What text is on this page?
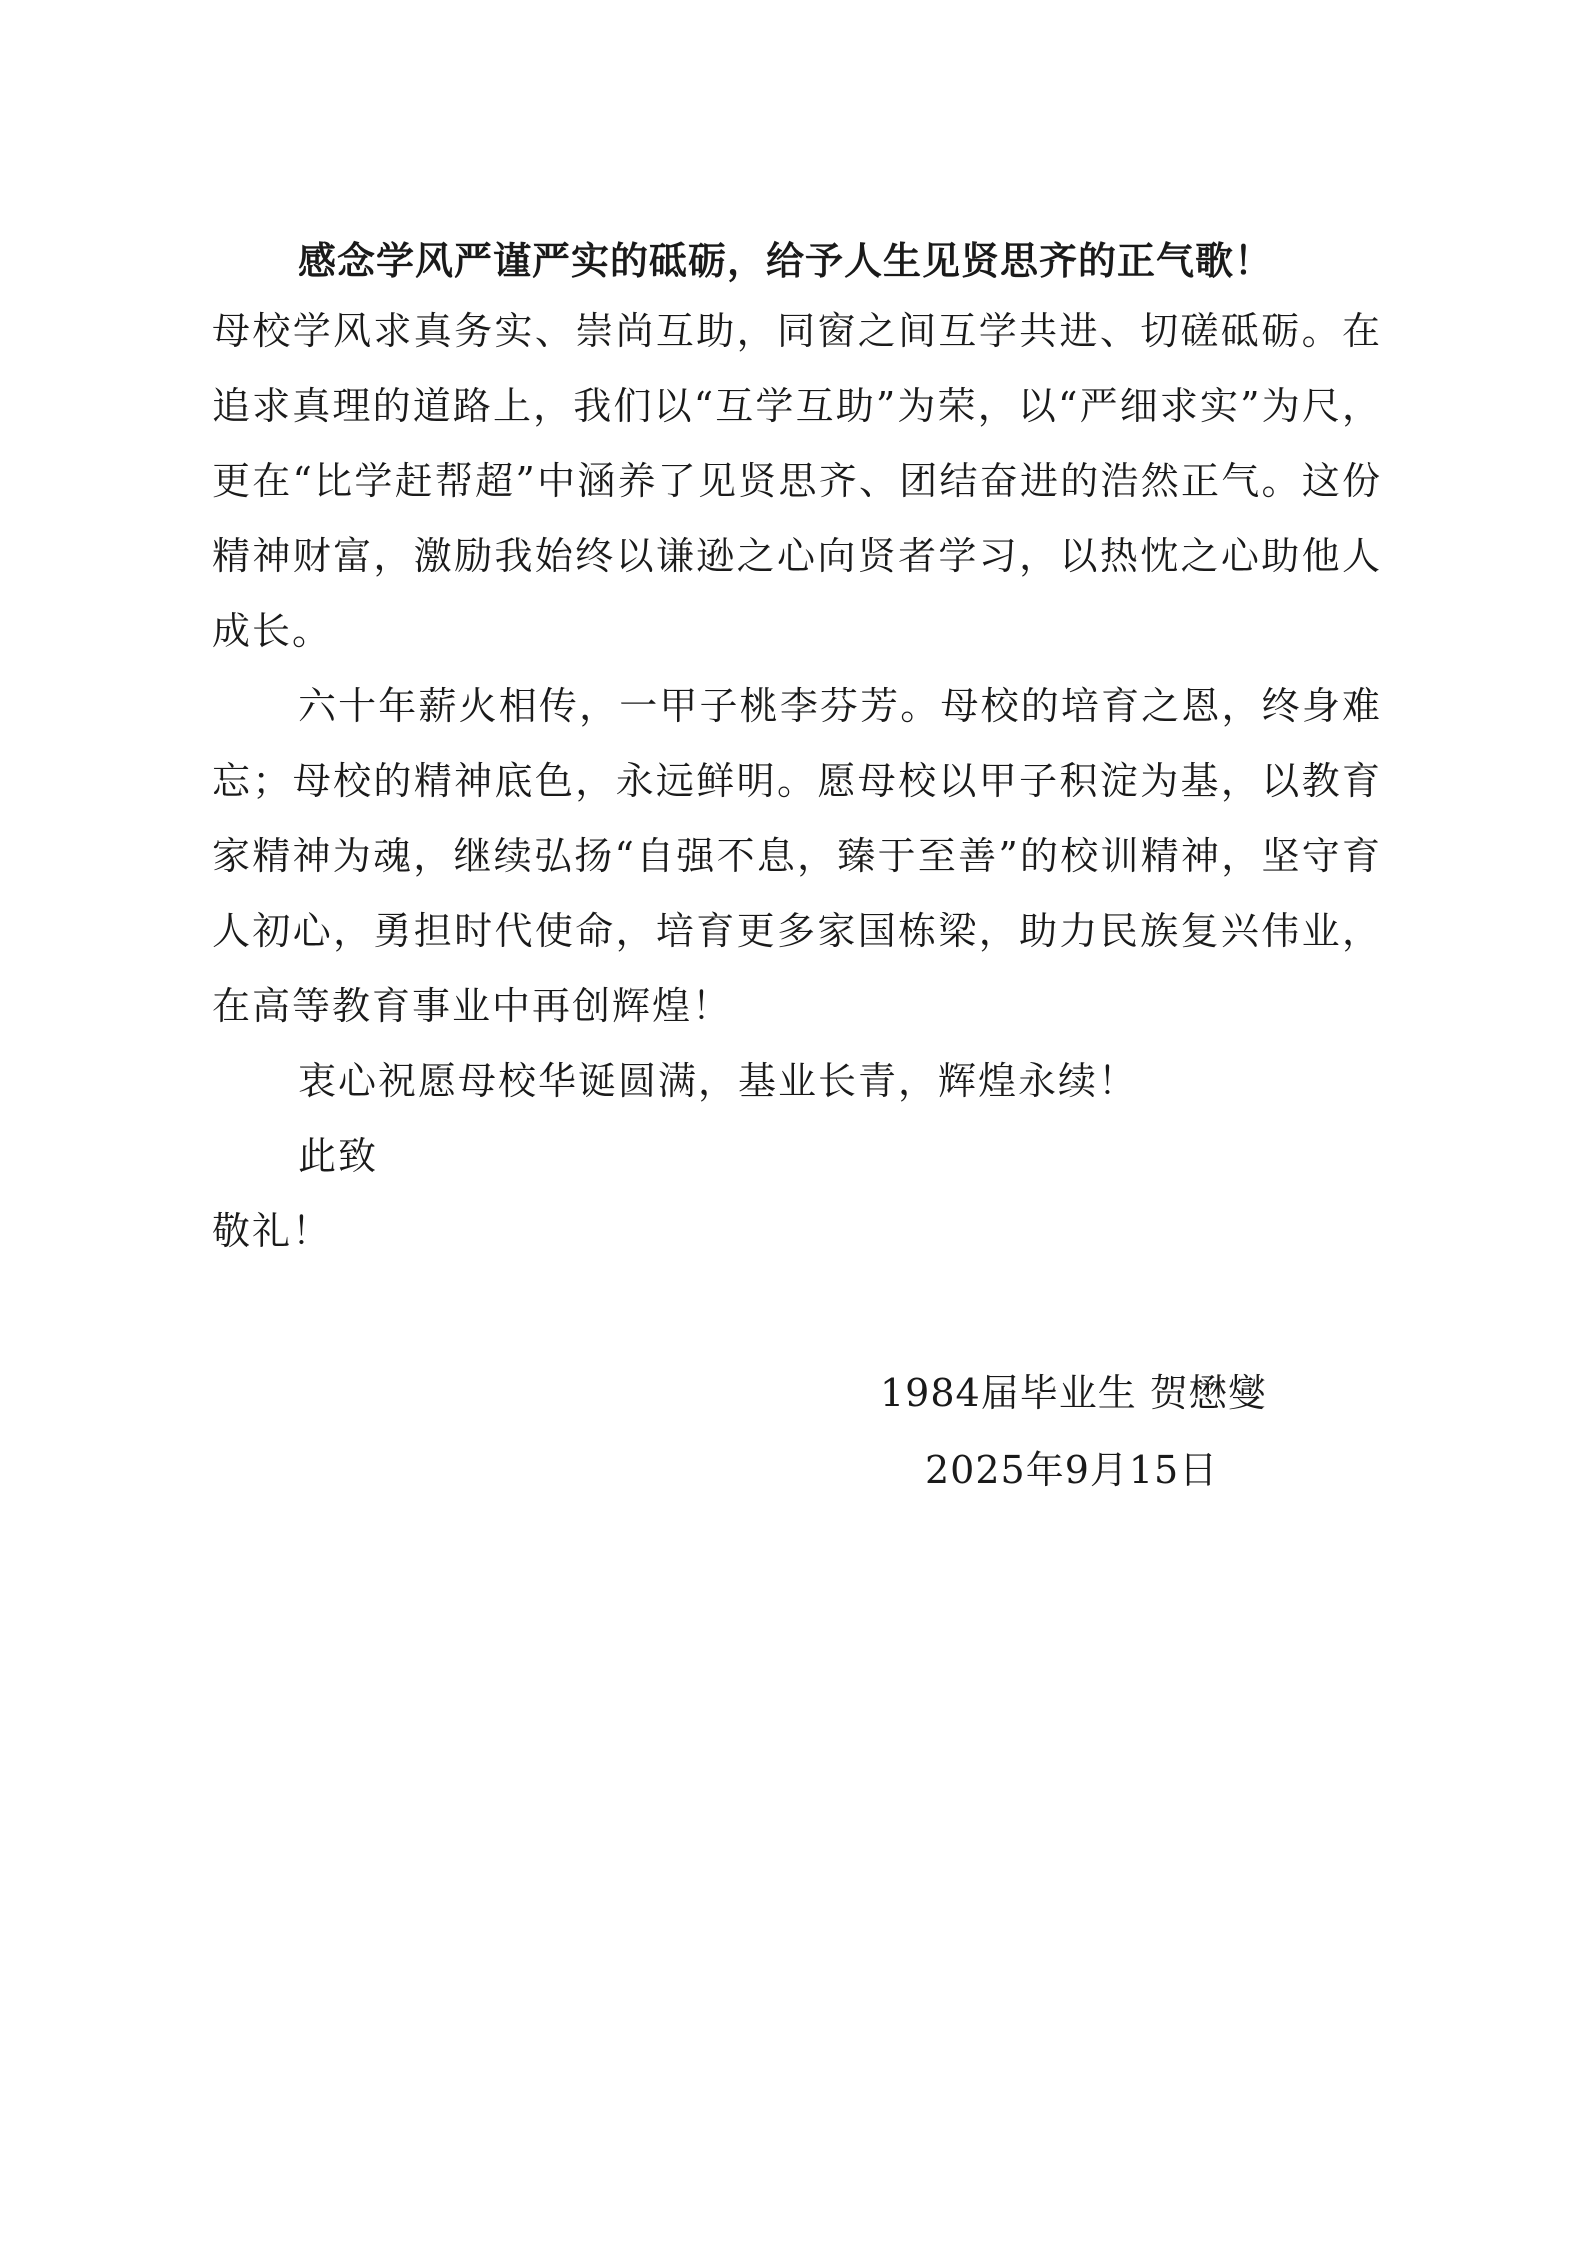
感念学风严谨严实的砥砺，给予人生见贤思齐的正气歌！

母校学风求真务实、崇尚互助，同窗之间互学共进、切磋砥砺。在追求真理的道路上，我们以“互学互助”为荣，以“严细求实”为尺，更在“比学赶帮超”中涵养了见贤思齐、团结奋进的浩然正气。这份精神财富，激励我始终以谦逊之心向贤者学习，以热忱之心助他人成长。

六十年薪火相传，一甲子桃李芬芳。母校的培育之恩，终身难忘；母校的精神底色，永远鲜明。愿母校以甲子积淀为基，以教育家精神为魂，继续弘扬“自强不息，臻于至善”的校训精神，坚守育人初心，勇担时代使命，培育更多家国栋梁，助力民族复兴伟业，在高等教育事业中再创辉煌！

衷心祝愿母校华诞圆满，基业长青，辉煌永续！

此致

敬礼！

1984届毕业生 贺懋燮
2025年9月15日
